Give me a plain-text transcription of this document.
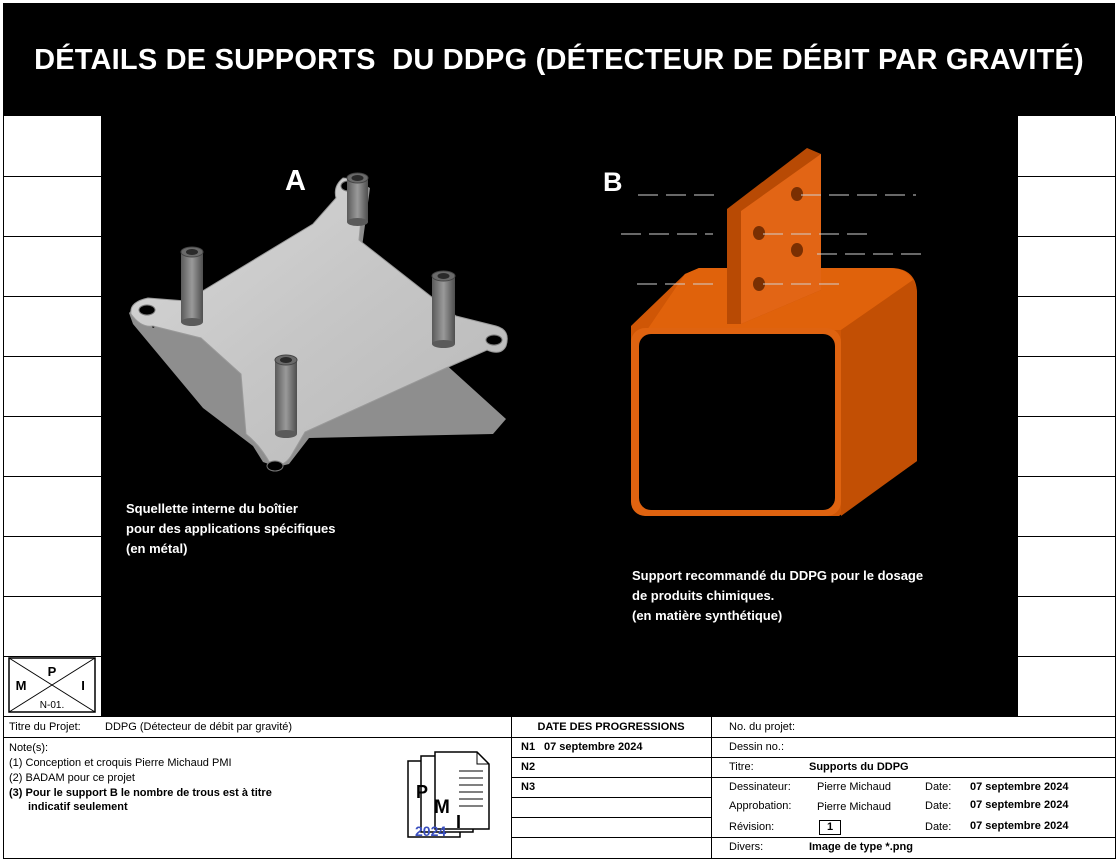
DÉTAILS DE SUPPORTS  DU DDPG (DÉTECTEUR DE DÉBIT PAR GRAVITÉ)
P
M	I
N-01.
A	B
Squellette interne du boîtier
pour des applications spécifiques
(en métal)
Support recommandé du DDPG pour le dosage
de produits chimiques.
(en matière synthétique)
Titre du Projet: DDPG (Détecteur de débit par gravité)
Note(s):
(1) Conception et croquis Pierre Michaud PMI
(2) BADAM pour ce projet
(3) Pour le support B le nombre de trous est à titre
indicatif seulement
P
M
I
2024
DATE DES PROGRESSIONS
N1 07 septembre 2024
N2
N3
No. du projet:
Dessin no.:
Titre:	Supports du DDPG
Dessinateur: Pierre Michaud	Date: 07 septembre 2024
Approbation: Pierre Michaud	Date: 07 septembre 2024
Révision:	1	Date: 07 septembre 2024
Divers:	Image de type *.png
